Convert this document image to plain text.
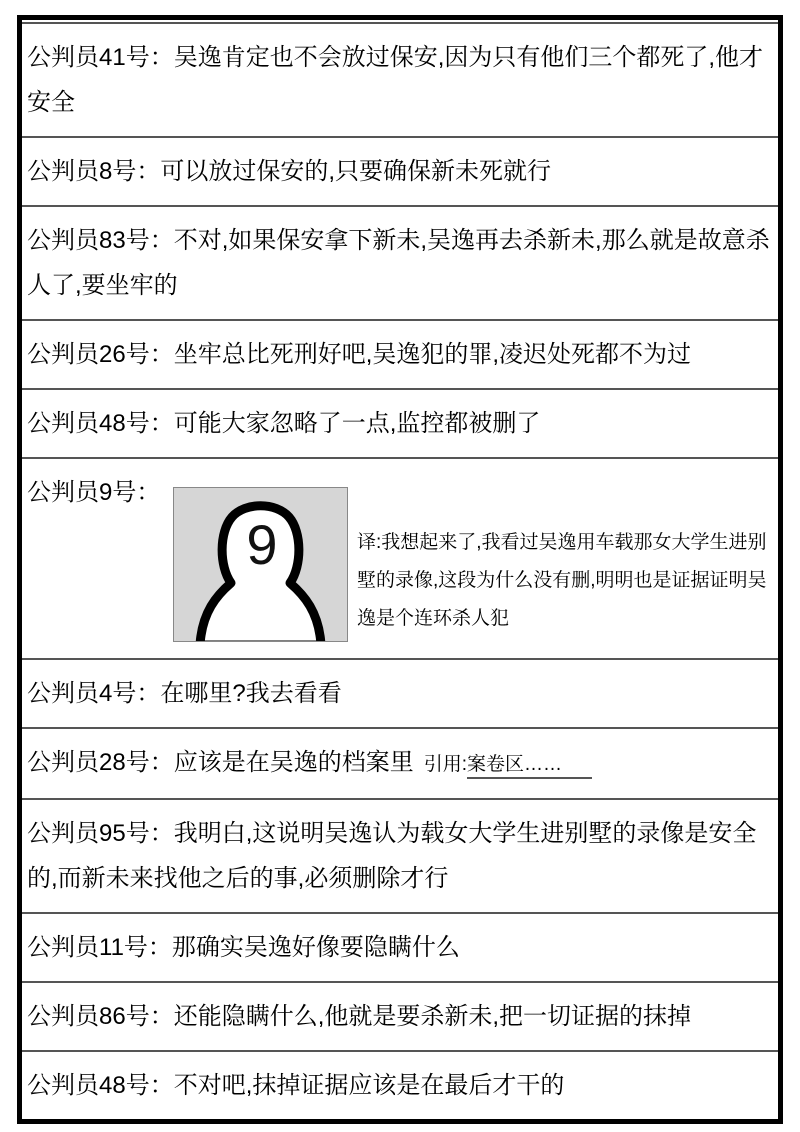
公判员41号：吴逸肯定也不会放过保安,因为只有他们三个都死了,他才安全

公判员8号：可以放过保安的,只要确保新未死就行

公判员83号：不对,如果保安拿下新未,吴逸再去杀新未,那么就是故意杀人了,要坐牢的

公判员26号：坐牢总比死刑好吧,吴逸犯的罪,凌迟处死都不为过

公判员48号：可能大家忽略了一点,监控都被删了

公判员9号：
9	译:我想起来了,我看过吴逸用车载那女大学生进别墅的录像,这段为什么没有删,明明也是证据证明吴逸是个连环杀人犯

公判员4号：在哪里?我去看看

公判员28号：应该是在吴逸的档案里 引用:案卷区……

公判员95号：我明白,这说明吴逸认为载女大学生进别墅的录像是安全的,而新未来找他之后的事,必须删除才行

公判员11号：那确实吴逸好像要隐瞒什么

公判员86号：还能隐瞒什么,他就是要杀新未,把一切证据的抹掉

公判员48号：不对吧,抹掉证据应该是在最后才干的
